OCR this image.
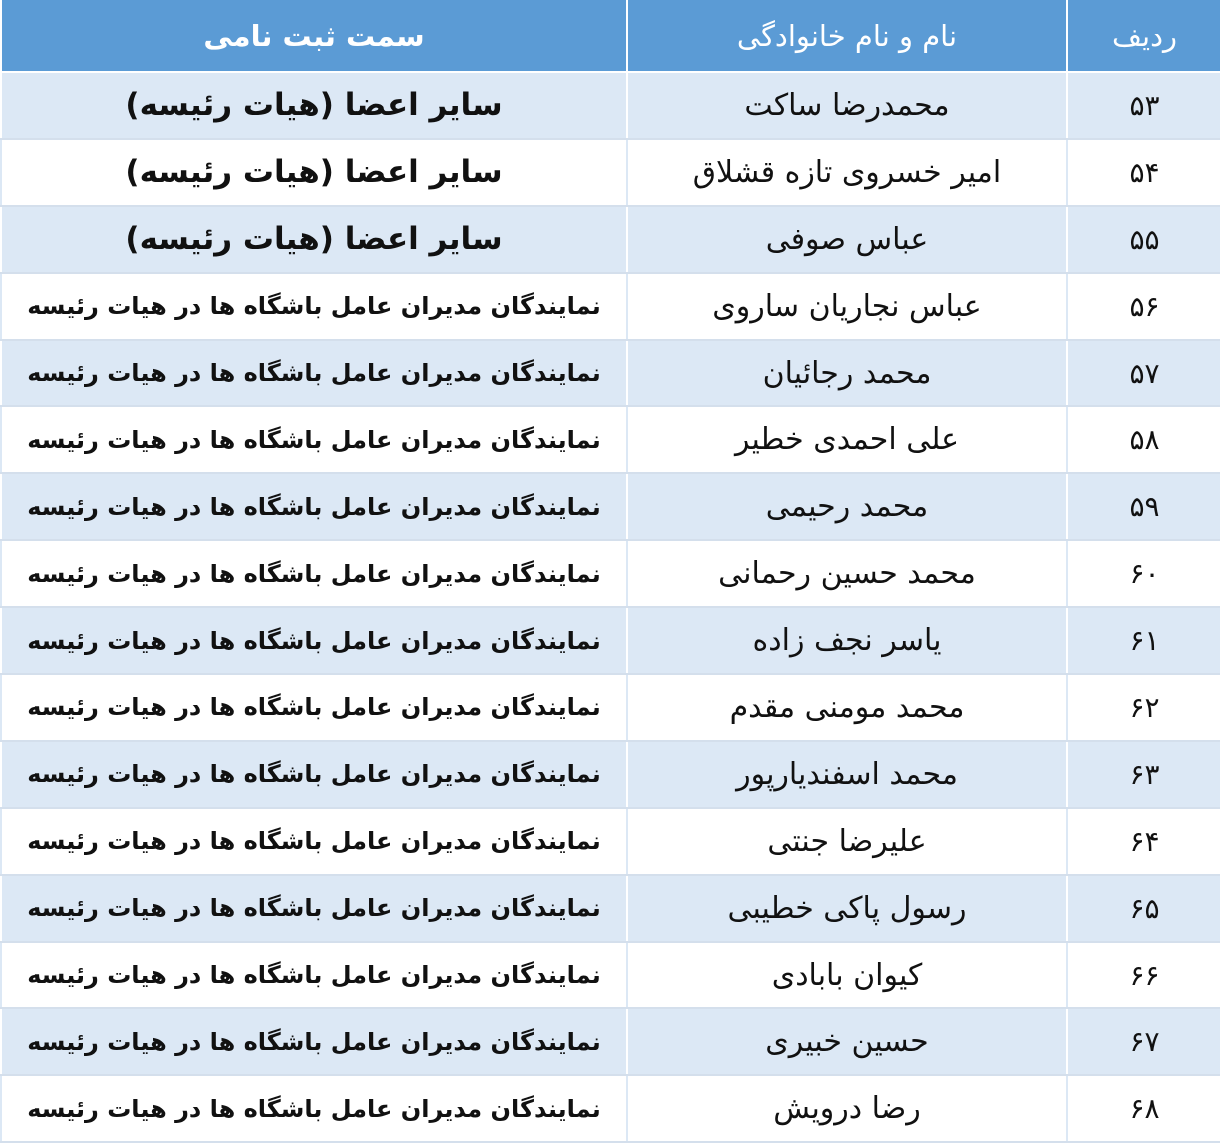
ردیف	نام و نام خانوادگی	سمت ثبت نامی
۵۳	محمدرضا ساکت	سایر اعضا (هیات رئیسه)
۵۴	امیر خسروی تازه قشلاق	سایر اعضا (هیات رئیسه)
۵۵	عباس صوفی	سایر اعضا (هیات رئیسه)
۵۶	عباس نجاریان ساروی	نمایندگان مدیران عامل باشگاه ها در هیات رئیسه
۵۷	محمد رجائیان	نمایندگان مدیران عامل باشگاه ها در هیات رئیسه
۵۸	علی احمدی خطیر	نمایندگان مدیران عامل باشگاه ها در هیات رئیسه
۵۹	محمد رحیمی	نمایندگان مدیران عامل باشگاه ها در هیات رئیسه
۶۰	محمد حسین رحمانی	نمایندگان مدیران عامل باشگاه ها در هیات رئیسه
۶۱	یاسر نجف زاده	نمایندگان مدیران عامل باشگاه ها در هیات رئیسه
۶۲	محمد مومنی مقدم	نمایندگان مدیران عامل باشگاه ها در هیات رئیسه
۶۳	محمد اسفندیارپور	نمایندگان مدیران عامل باشگاه ها در هیات رئیسه
۶۴	علیرضا جنتی	نمایندگان مدیران عامل باشگاه ها در هیات رئیسه
۶۵	رسول پاکی خطیبی	نمایندگان مدیران عامل باشگاه ها در هیات رئیسه
۶۶	کیوان بابادی	نمایندگان مدیران عامل باشگاه ها در هیات رئیسه
۶۷	حسین خبیری	نمایندگان مدیران عامل باشگاه ها در هیات رئیسه
۶۸	رضا درویش	نمایندگان مدیران عامل باشگاه ها در هیات رئیسه
